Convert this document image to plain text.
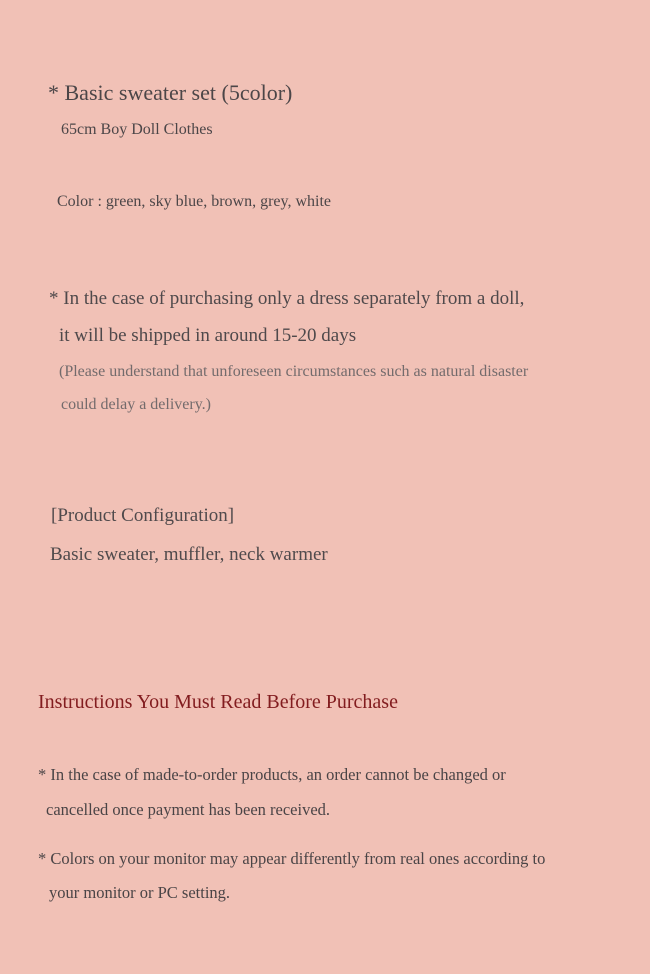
* Basic sweater set (5color)

65cm Boy Doll Clothes

Color : green, sky blue, brown, grey, white

* In the case of purchasing only a dress separately from a doll,

it will be shipped in around 15-20 days

(Please understand that unforeseen circumstances such as natural disaster

could delay a delivery.)

[Product Configuration]

Basic sweater, muffler, neck warmer

Instructions You Must Read Before Purchase

* In the case of made-to-order products, an order cannot be changed or

cancelled once payment has been received.

* Colors on your monitor may appear differently from real ones according to

your monitor or PC setting.
